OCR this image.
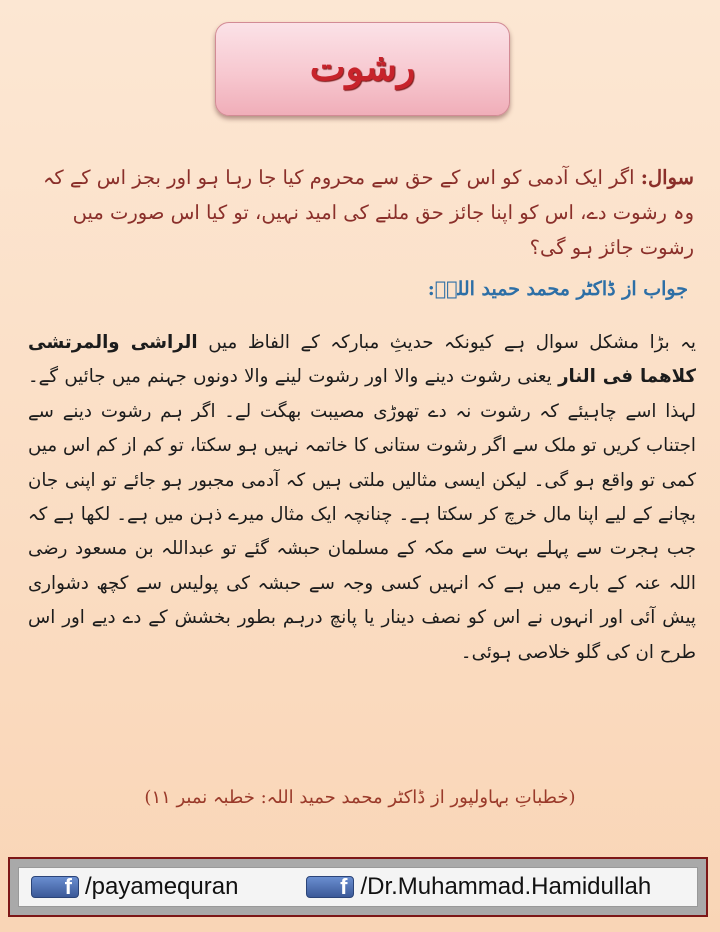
رشوت
سوال: اگر ایک آدمی کو اس کے حق سے محروم کیا جا رہا ہو اور بجز اس کے کہ وہ رشوت دے، اس کو اپنا جائز حق ملنے کی امید نہیں، تو کیا اس صورت میں رشوت جائز ہو گی؟
جواب از ڈاکٹر محمد حمید اللہؒ:
یہ بڑا مشکل سوال ہے کیونکہ حدیثِ مبارکہ کے الفاظ میں الراشی والمرتشی کلاھما فی النار یعنی رشوت دینے والا اور رشوت لینے والا دونوں جہنم میں جائیں گے۔ لہذا اسے چاہیئے کہ رشوت نہ دے تھوڑی مصیبت بھگت لے۔ اگر ہم رشوت دینے سے اجتناب کریں تو ملک سے اگر رشوت ستانی کا خاتمہ نہیں ہو سکتا، تو کم از کم اس میں کمی تو واقع ہو گی۔ لیکن ایسی مثالیں ملتی ہیں کہ آدمی مجبور ہو جائے تو اپنی جان بچانے کے لیے اپنا مال خرچ کر سکتا ہے۔ چنانچہ ایک مثال میرے ذہن میں ہے۔ لکھا ہے کہ جب ہجرت سے پہلے بہت سے مکہ کے مسلمان حبشہ گئے تو عبداللہ بن مسعود رضی اللہ عنہ کے بارے میں ہے کہ انہیں کسی وجہ سے حبشہ کی پولیس سے کچھ دشواری پیش آئی اور انہوں نے اس کو نصف دینار یا پانچ درہم بطور بخشش کے دے دیے اور اس طرح ان کی گلو خلاصی ہوئی۔
(خطباتِ بہاولپور از ڈاکٹر محمد حمید اللہ: خطبہ نمبر ۱۱)
f /payamequran	f /Dr.Muhammad.Hamidullah
